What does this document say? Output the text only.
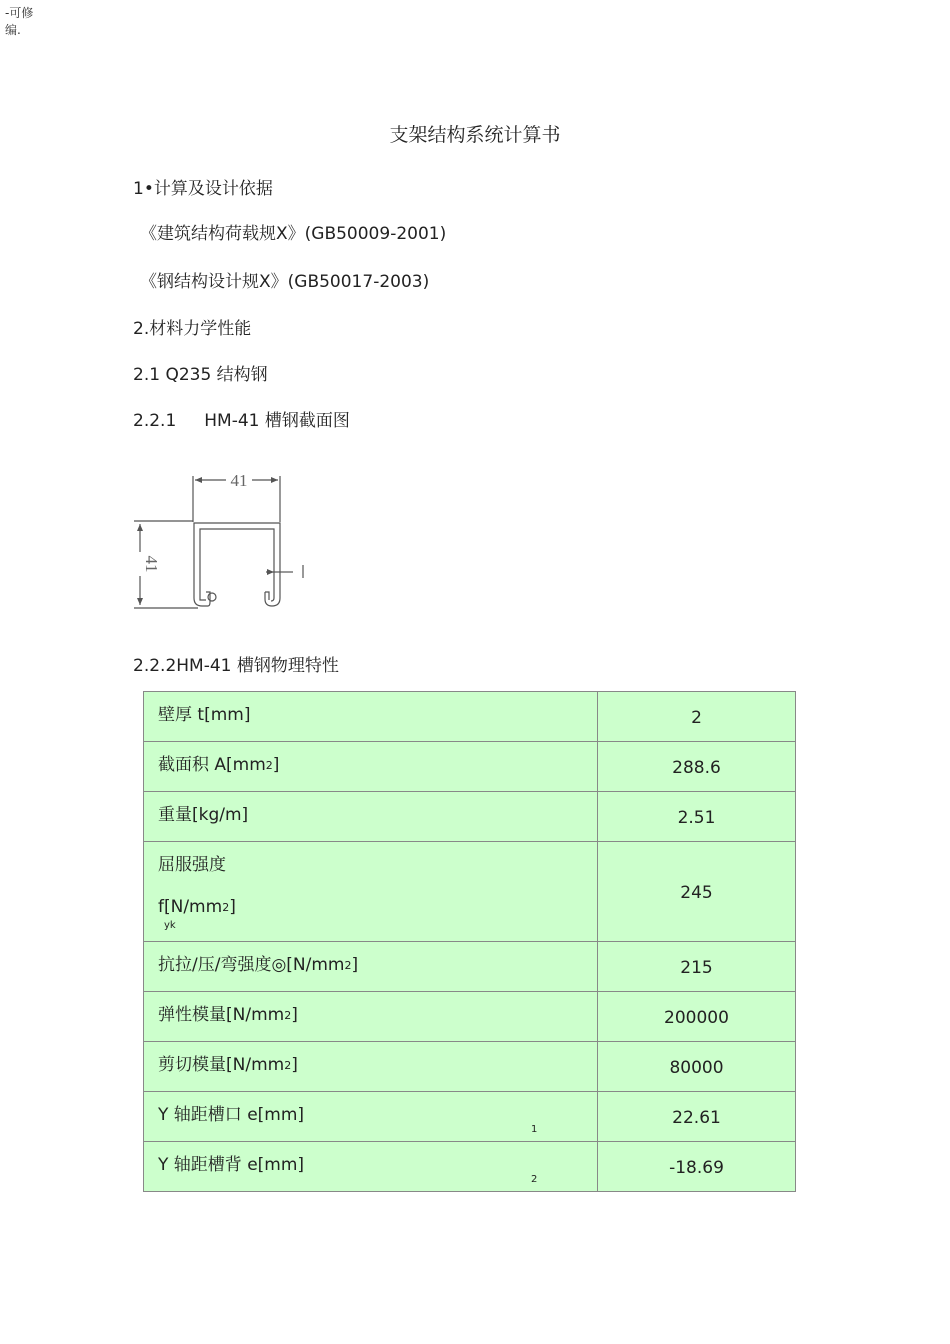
-可修编.
支架结构系统计算书
1•计算及设计依据
《建筑结构荷载规X》(GB50009-2001)
《钢结构设计规X》(GB50017-2003)
2.材料力学性能
2.1 Q235 结构钢
2.2.1 HM-41 槽钢截面图
41
41
2.2.2HM-41 槽钢物理特性
壁厚 t[mm]	2
截面积 A[mm2]	288.6
重量[kg/m]	2.51
屈服强度
f[N/mm2]
yk	245
抗拉/压/弯强度◎[N/mm2]	215
弹性模量[N/mm2]	200000
剪切模量[N/mm2]	80000
Y 轴距槽口 e[mm]
1	22.61
Y 轴距槽背 e[mm]
2	-18.69
